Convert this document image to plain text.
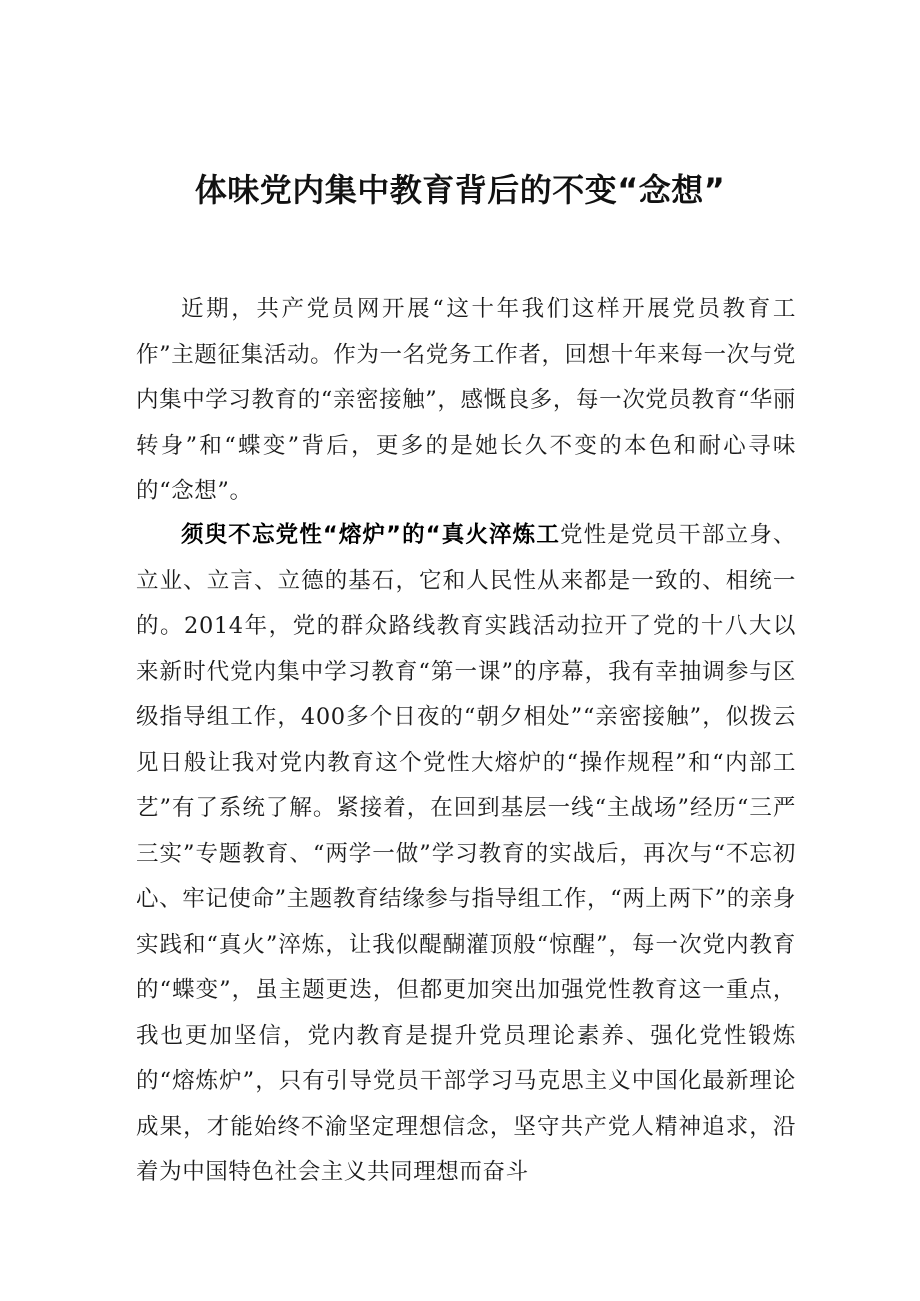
体味党内集中教育背后的不变“念想”

近期，共产党员网开展“这十年我们这样开展党员教育工作”主题征集活动。作为一名党务工作者，回想十年来每一次与党内集中学习教育的“亲密接触”，感慨良多，每一次党员教育“华丽转身”和“蝶变”背后，更多的是她长久不变的本色和耐心寻味的“念想”。

须臾不忘党性“熔炉”的“真火淬炼工党性是党员干部立身、立业、立言、立德的基石，它和人民性从来都是一致的、相统一的。2014年，党的群众路线教育实践活动拉开了党的十八大以来新时代党内集中学习教育“第一课”的序幕，我有幸抽调参与区级指导组工作，400多个日夜的“朝夕相处”“亲密接触”，似拨云见日般让我对党内教育这个党性大熔炉的“操作规程”和“内部工艺”有了系统了解。紧接着，在回到基层一线“主战场”经历“三严三实”专题教育、“两学一做”学习教育的实战后，再次与“不忘初心、牢记使命”主题教育结缘参与指导组工作，“两上两下”的亲身实践和“真火”淬炼，让我似醍醐灌顶般“惊醒”，每一次党内教育的“蝶变”，虽主题更迭，但都更加突出加强党性教育这一重点，我也更加坚信，党内教育是提升党员理论素养、强化党性锻炼的“熔炼炉”，只有引导党员干部学习马克思主义中国化最新理论成果，才能始终不渝坚定理想信念，坚守共产党人精神追求，沿着为中国特色社会主义共同理想而奋斗
